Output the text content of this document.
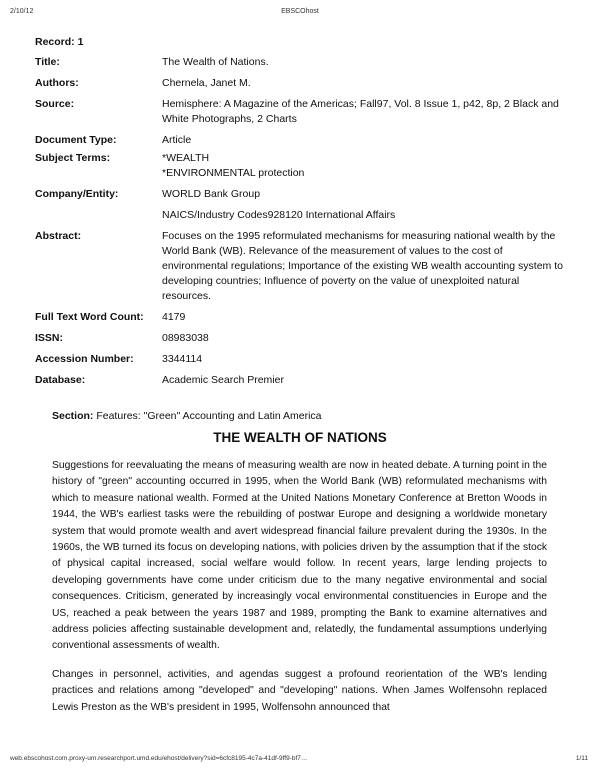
2/10/12	EBSCOhost
Record: 1
Title:	The Wealth of Nations.
Authors:	Chernela, Janet M.
Source:	Hemisphere: A Magazine of the Americas; Fall97, Vol. 8 Issue 1, p42, 8p, 2 Black and White Photographs, 2 Charts
Document Type:	Article
Subject Terms:	*WEALTH
*ENVIRONMENTAL protection
Company/Entity:	WORLD Bank Group
NAICS/Industry Codes928120 International Affairs
Abstract:	Focuses on the 1995 reformulated mechanisms for measuring national wealth by the World Bank (WB). Relevance of the measurement of values to the cost of environmental regulations; Importance of the existing WB wealth accounting system to developing countries; Influence of poverty on the value of unexploited natural resources.
Full Text Word Count:	4179
ISSN:	08983038
Accession Number:	3344114
Database:	Academic Search Premier
Section: Features: "Green" Accounting and Latin America
THE WEALTH OF NATIONS

Suggestions for reevaluating the means of measuring wealth are now in heated debate. A turning point in the history of "green" accounting occurred in 1995, when the World Bank (WB) reformulated mechanisms with which to measure national wealth. Formed at the United Nations Monetary Conference at Bretton Woods in 1944, the WB's earliest tasks were the rebuilding of postwar Europe and designing a worldwide monetary system that would promote wealth and avert widespread financial failure prevalent during the 1930s. In the 1960s, the WB turned its focus on developing nations, with policies driven by the assumption that if the stock of physical capital increased, social welfare would follow. In recent years, large lending projects to developing governments have come under criticism due to the many negative environmental and social consequences. Criticism, generated by increasingly vocal environmental constituencies in Europe and the US, reached a peak between the years 1987 and 1989, prompting the Bank to examine alternatives and address policies affecting sustainable development and, relatedly, the fundamental assumptions underlying conventional assessments of wealth.

Changes in personnel, activities, and agendas suggest a profound reorientation of the WB's lending practices and relations among "developed" and "developing" nations. When James Wolfensohn replaced Lewis Preston as the WB's president in 1995, Wolfensohn announced that

web.ebscohost.com.proxy-um.researchport.umd.edu/ehost/delivery?sid=6cfc8195-4c7a-41df-9ff9-bf7…	1/11
